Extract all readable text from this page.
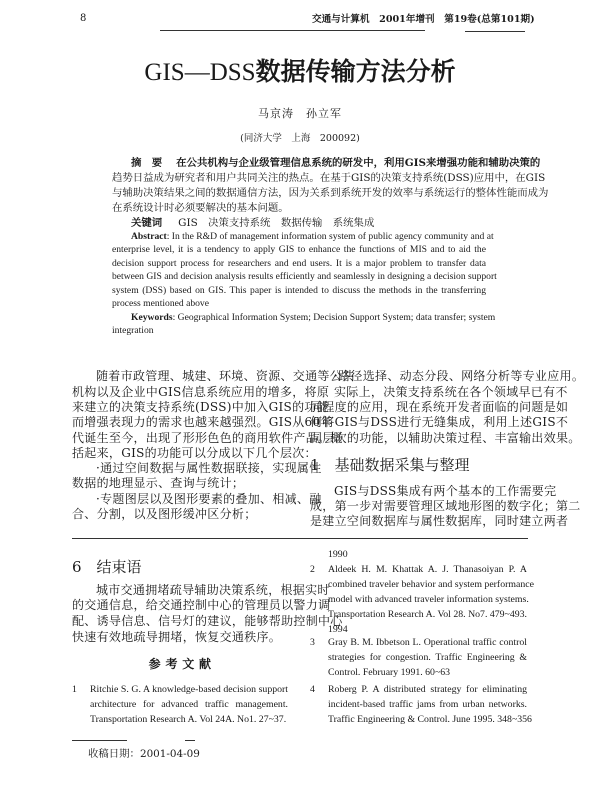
8	交通与计算机　2001年增刊　第19卷(总第101期)
GIS—DSS数据传输方法分析
马京涛　孙立军
(同济大学　上海　200092)
摘　要 在公共机构与企业级管理信息系统的研发中，利用GIS来增强功能和辅助决策的
趋势日益成为研究者和用户共同关注的热点。在基于GIS的决策支持系统(DSS)应用中，在GIS
与辅助决策结果之间的数据通信方法，因为关系到系统开发的效率与系统运行的整体性能而成为
在系统设计时必须要解决的基本问题。
关键词 GIS　决策支持系统　数据传输　系统集成
Abstract: In the R&D of management information system of public agency community and at
enterprise level, it is a tendency to apply GIS to enhance the functions of MIS and to aid the
decision support process for researchers and end users. It is a major problem to transfer data
between GIS and decision analysis results efficiently and seamlessly in designing a decision support
system (DSS) based on GIS. This paper is intended to discuss the methods in the transferring
process mentioned above
Keywords: Geographical Information System; Decision Support System; data transfer; system
integration
随着市政管理、城建、环境、资源、交通等公共
机构以及企业中GIS信息系统应用的增多，将原
来建立的决策支持系统(DSS)中加入GIS的功能
而增强表现力的需求也越来越强烈。GIS从60年
代诞生至今，出现了形形色色的商用软件产品。概
括起来，GIS的功能可以分成以下几个层次：
·通过空间数据与属性数据联接，实现属性
数据的地理显示、查询与统计；
·专题图层以及图形要素的叠加、相减、融
合、分割，以及图形缓冲区分析；
6　结束语
城市交通拥堵疏导辅助决策系统，根据实时
的交通信息，给交通控制中心的管理员以警力调
配、诱导信息、信号灯的建议，能够帮助控制中心
快速有效地疏导拥堵，恢复交通秩序。
参 考 文 献
1 Ritchie S. G. A knowledge-based decision support
architecture for advanced traffic management.
Transportation Research A. Vol 24A. No1. 27~37.
收稿日期：2001-04-09
·路径选择、动态分段、网络分析等专业应用。
实际上，决策支持系统在各个领域早已有不
同程度的应用，现在系统开发者面临的问题是如
何将GIS与DSS进行无缝集成，利用上述GIS不
同层次的功能，以辅助决策过程、丰富输出效果。
1　基础数据采集与整理
GIS与DSS集成有两个基本的工作需要完
成，第一步对需要管理区域地形图的数字化；第二
是建立空间数据库与属性数据库，同时建立两者
1990
2 Aldeek H. M. Khattak A. J. Thanasoiyan P. A
combined traveler behavior and system performance
model with advanced traveler information systems.
Transportation Research A. Vol 28. No7. 479~493.
1994
3 Gray B. M. Ibbetson L. Operational traffic control
strategies for congestion. Traffic Engineering &
Control. February 1991. 60~63
4 Roberg P. A distributed strategy for eliminating
incident-based traffic jams from urban networks.
Traffic Engineering & Control. June 1995. 348~356
